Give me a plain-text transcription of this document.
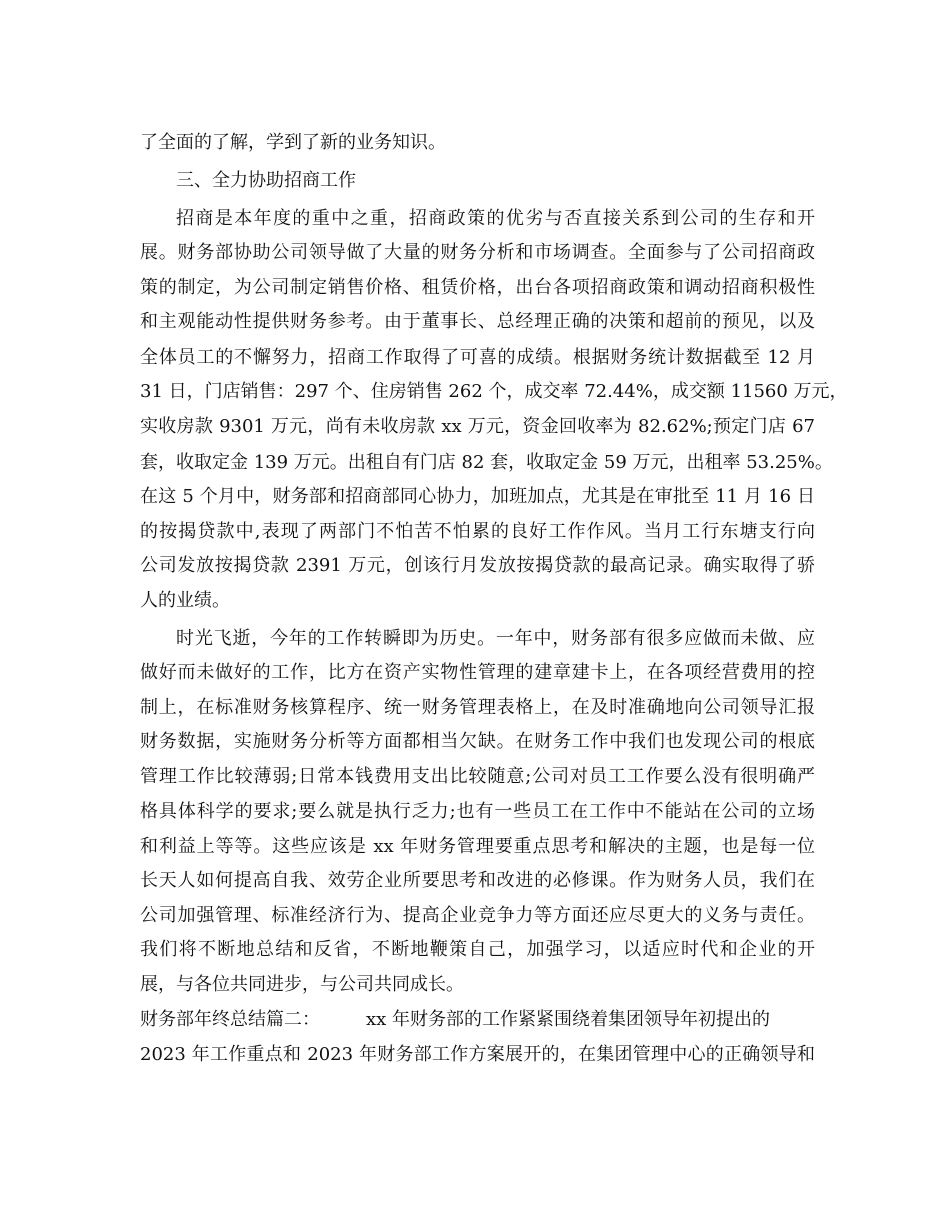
了全面的了解，学到了新的业务知识。
三、全力协助招商工作
招商是本年度的重中之重，招商政策的优劣与否直接关系到公司的生存和开
展。财务部协助公司领导做了大量的财务分析和市场调查。全面参与了公司招商政
策的制定，为公司制定销售价格、租赁价格，出台各项招商政策和调动招商积极性
和主观能动性提供财务参考。由于董事长、总经理正确的决策和超前的预见，以及
全体员工的不懈努力，招商工作取得了可喜的成绩。根据财务统计数据截至 12 月
31 日，门店销售：297 个、住房销售 262 个，成交率 72.44%，成交额 11560 万元，
实收房款 9301 万元，尚有未收房款 xx 万元，资金回收率为 82.62%;预定门店 67
套，收取定金 139 万元。出租自有门店 82 套，收取定金 59 万元，出租率 53.25%。
在这 5 个月中，财务部和招商部同心协力，加班加点，尤其是在审批至 11 月 16 日
的按揭贷款中,表现了两部门不怕苦不怕累的良好工作作风。当月工行东塘支行向
公司发放按揭贷款 2391 万元，创该行月发放按揭贷款的最高记录。确实取得了骄
人的业绩。
时光飞逝，今年的工作转瞬即为历史。一年中，财务部有很多应做而未做、应
做好而未做好的工作，比方在资产实物性管理的建章建卡上，在各项经营费用的控
制上，在标准财务核算程序、统一财务管理表格上，在及时准确地向公司领导汇报
财务数据，实施财务分析等方面都相当欠缺。在财务工作中我们也发现公司的根底
管理工作比较薄弱;日常本钱费用支出比较随意;公司对员工工作要么没有很明确严
格具体科学的要求;要么就是执行乏力;也有一些员工在工作中不能站在公司的立场
和利益上等等。这些应该是 xx 年财务管理要重点思考和解决的主题，也是每一位
长天人如何提高自我、效劳企业所要思考和改进的必修课。作为财务人员，我们在
公司加强管理、标准经济行为、提高企业竞争力等方面还应尽更大的义务与责任。
我们将不断地总结和反省，不断地鞭策自己，加强学习，以适应时代和企业的开
展，与各位共同进步，与公司共同成长。
财务部年终总结篇二：	xx 年财务部的工作紧紧围绕着集团领导年初提出的
2023 年工作重点和 2023 年财务部工作方案展开的，在集团管理中心的正确领导和
